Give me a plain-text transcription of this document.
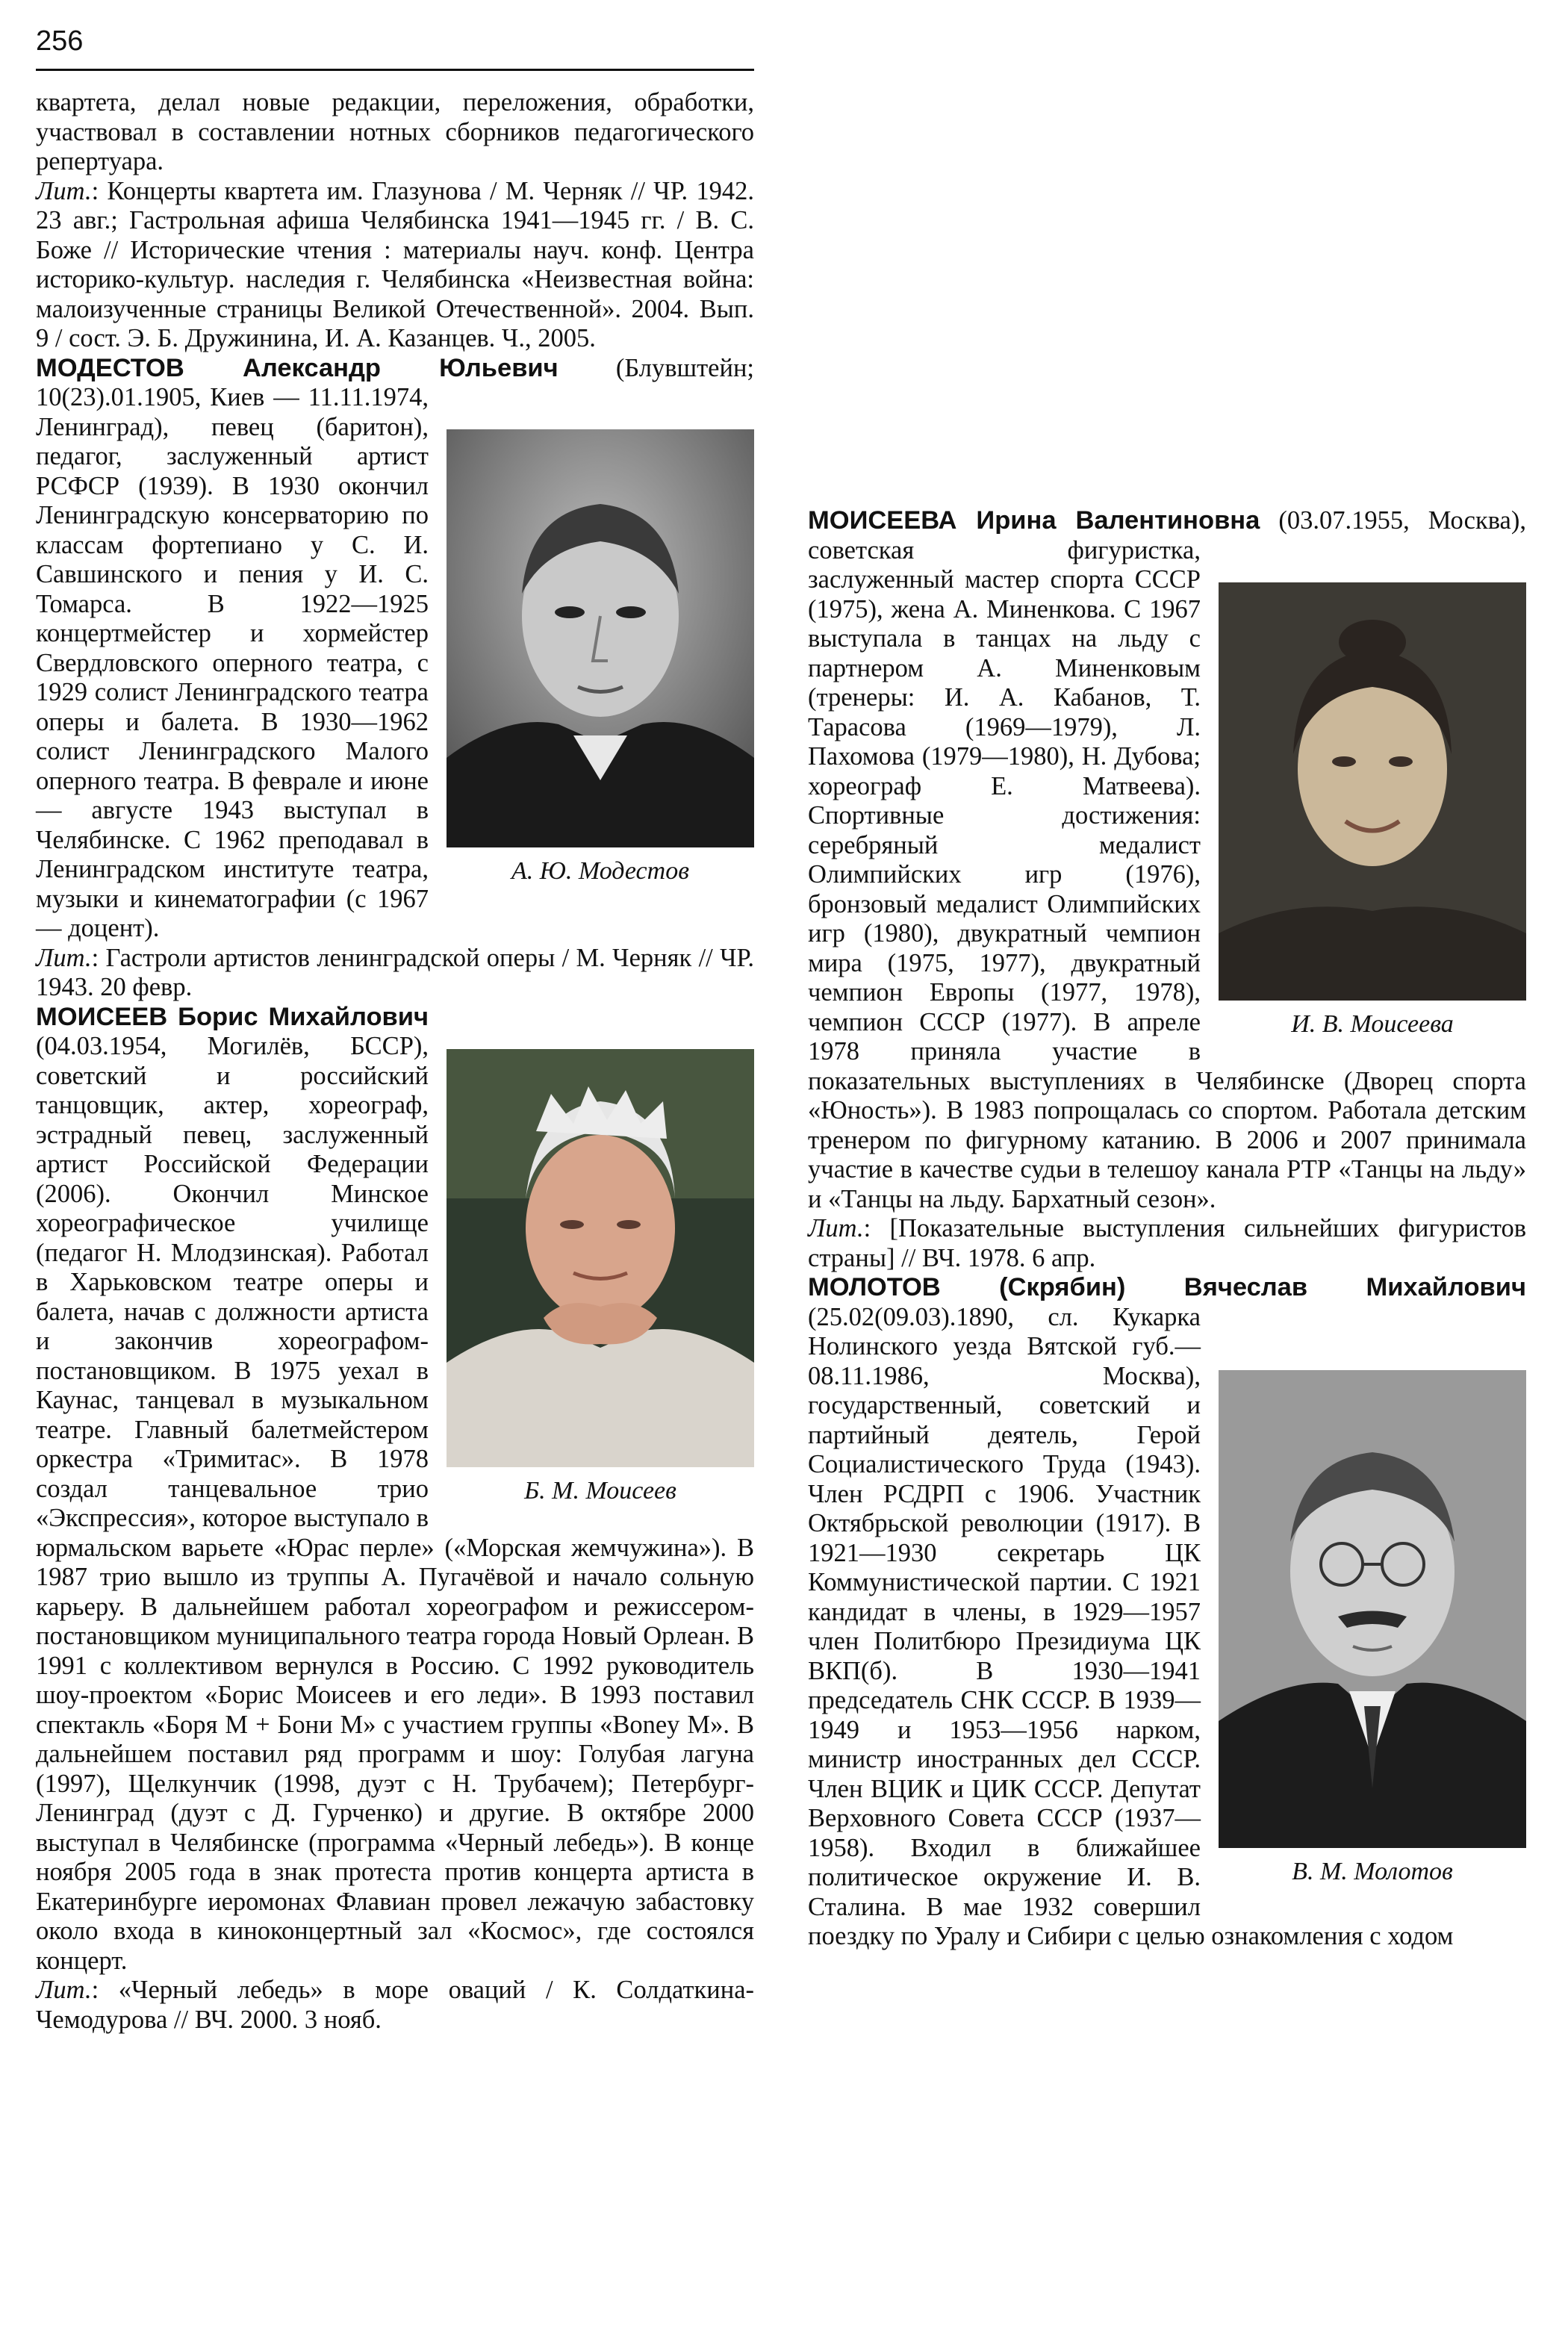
256

квартета, делал новые редакции, переложения, обработки, участвовал в составлении нотных сборников педагогического репертуара.
Лит.: Концерты квартета им. Глазунова / М. Черняк // ЧР. 1942. 23 авг.; Гастрольная афиша Челябинска 1941—1945 гг. / В. С. Боже // Исторические чтения : материалы науч. конф. Центра историко-культур. наследия г. Челябинска «Неизвестная война: малоизученные страницы Великой Отечественной». 2004. Вып. 9 / сост. Э. Б. Дружинина, И. А. Казанцев. Ч., 2005.

МОДЕСТОВ Александр Юльевич
А. Ю. Модестов
(Блувштейн; 10(23).01.1905, Киев — 11.11.1974, Ленинград), певец (баритон), педагог, заслуженный артист РСФСР (1939). В 1930 окончил Ленинградскую консерваторию по классам фортепиано у С. И. Савшинского и пения у И. С. Томарса. В 1922—1925 концертмейстер и хормейстер Свердловского оперного театра, с 1929 солист Ленинградского театра оперы и балета. В 1930—1962 солист Ленинградского Малого оперного театра. В феврале и июне — августе 1943 выступал в Челябинске. С 1962 преподавал в Ленинградском институте театра, музыки и кинематографии (с 1967 — доцент).
Лит.: Гастроли артистов ленинградской оперы / М. Черняк // ЧР. 1943. 20 февр.

МОИСЕЕВ Борис Михайлович
Б. М. Моисеев
(04.03.1954, Могилёв, БССР), советский и российский танцовщик, актер, хореограф, эстрадный певец, заслуженный артист Российской Федерации (2006). Окончил Минское хореографическое училище (педагог Н. Млодзинская). Работал в Харьковском театре оперы и балета, начав с должности артиста и закончив хореографом-постановщиком. В 1975 уехал в Каунас, танцевал в музыкальном театре. Главный балетмейстером оркестра «Тримитас». В 1978 создал танцевальное трио «Экспрессия», которое выступало в юрмальском варьете «Юрас перле» («Морская жемчужина»). В 1987 трио вышло из труппы А. Пугачёвой и начало сольную карьеру. В дальнейшем работал хореографом и режиссером-постановщиком муниципального театра города Новый Орлеан. В 1991 с коллективом вернулся в Россию. С 1992 руководитель шоу-проектом «Борис Моисеев и его леди». В 1993 поставил спектакль «Боря М + Бони М» с участием группы «Boney M». В дальнейшем поставил ряд программ и шоу: Голубая лагуна (1997), Щелкунчик (1998, дуэт с Н. Трубачем); Петербург-Ленинград (дуэт с Д. Гурченко) и другие. В октябре 2000 выступал в Челябинске (программа «Черный лебедь»). В конце ноября 2005 года в знак протеста против концерта артиста в Екатеринбурге иеромонах Флавиан провел лежачую забастовку около входа в киноконцертный зал «Космос», где состоялся концерт.
Лит.: «Черный лебедь» в море оваций / К. Солдаткина-Чемодурова // ВЧ. 2000. 3 нояб.

МОИСЕЕВА Ирина Валентиновна
И. В. Моисеева
(03.07.1955, Москва), советская фигуристка, заслуженный мастер спорта СССР (1975), жена А. Миненкова. С 1967 выступала в танцах на льду с партнером А. Миненковым (тренеры: И. А. Кабанов, Т. Тарасова (1969—1979), Л. Пахомова (1979—1980), Н. Дубова; хореограф Е. Матвеева). Спортивные достижения: серебряный медалист Олимпийских игр (1976), бронзовый медалист Олимпийских игр (1980), двукратный чемпион мира (1975, 1977), двукратный чемпион Европы (1977, 1978), чемпион СССР (1977). В апреле 1978 приняла участие в показательных выступлениях в Челябинске (Дворец спорта «Юность»). В 1983 попрощалась со спортом. Работала детским тренером по фигурному катанию. В 2006 и 2007 принимала участие в качестве судьи в телешоу канала РТР «Танцы на льду» и «Танцы на льду. Бархатный сезон».
Лит.: [Показательные выступления сильнейших фигуристов страны] // ВЧ. 1978. 6 апр.

МОЛОТОВ (Скрябин) Вячеслав Михайлович
В. М. Молотов
(25.02(09.03).1890, сл. Кукарка Нолинского уезда Вятской губ.— 08.11.1986, Москва), государственный, советский и партийный деятель, Герой Социалистического Труда (1943). Член РСДРП с 1906. Участник Октябрьской революции (1917). В 1921—1930 секретарь ЦК Коммунистической партии. С 1921 кандидат в члены, в 1929—1957 член Политбюро Президиума ЦК ВКП(б). В 1930—1941 председатель СНК СССР. В 1939—1949 и 1953—1956 нарком, министр иностранных дел СССР. Член ВЦИК и ЦИК СССР. Депутат Верховного Совета СССР (1937—1958). Входил в ближайшее политическое окружение И. В. Сталина. В мае 1932 совершил поездку по Уралу и Сибири с целью ознакомления с ходом
